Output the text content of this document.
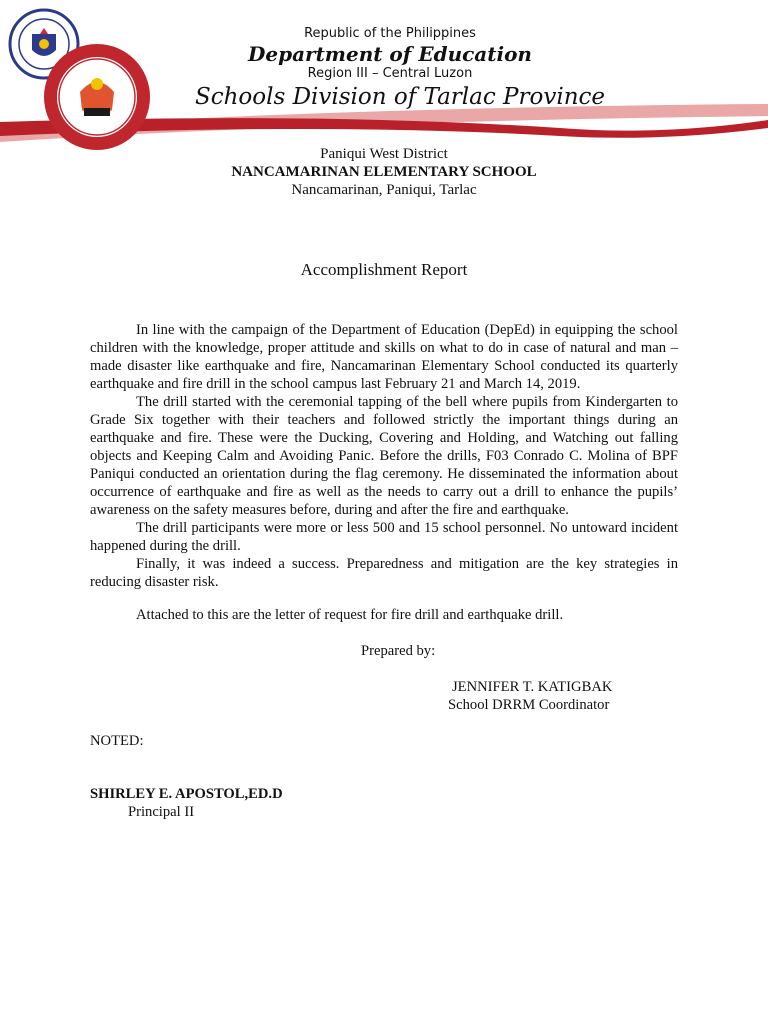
Republic of the Philippines
Department of Education
Region III – Central Luzon
Schools Division of Tarlac Province
Paniqui West District
NANCAMARINAN ELEMENTARY SCHOOL
Nancamarinan, Paniqui, Tarlac
Accomplishment Report

In line with the campaign of the Department of Education (DepEd) in equipping the school children with the knowledge, proper attitude and skills on what to do in case of natural and man – made disaster like earthquake and fire, Nancamarinan Elementary School conducted its quarterly earthquake and fire drill in the school campus last February 21 and March 14, 2019.

The drill started with the ceremonial tapping of the bell where pupils from Kindergarten to Grade Six together with their teachers and followed strictly the important things during an earthquake and fire. These were the Ducking, Covering and Holding, and Watching out falling objects and Keeping Calm and Avoiding Panic. Before the drills, F03 Conrado C. Molina of BPF Paniqui conducted an orientation during the flag ceremony. He disseminated the information about occurrence of earthquake and fire as well as the needs to carry out a drill to enhance the pupils’ awareness on the safety measures before, during and after the fire and earthquake.

The drill participants were more or less 500 and 15 school personnel. No untoward incident happened during the drill.

Finally, it was indeed a success. Preparedness and mitigation are the key strategies in reducing disaster risk.

Attached to this are the letter of request for fire drill and earthquake drill.
Prepared by:
JENNIFER T. KATIGBAK
School DRRM Coordinator
NOTED:
SHIRLEY E. APOSTOL,ED.D
Principal II
